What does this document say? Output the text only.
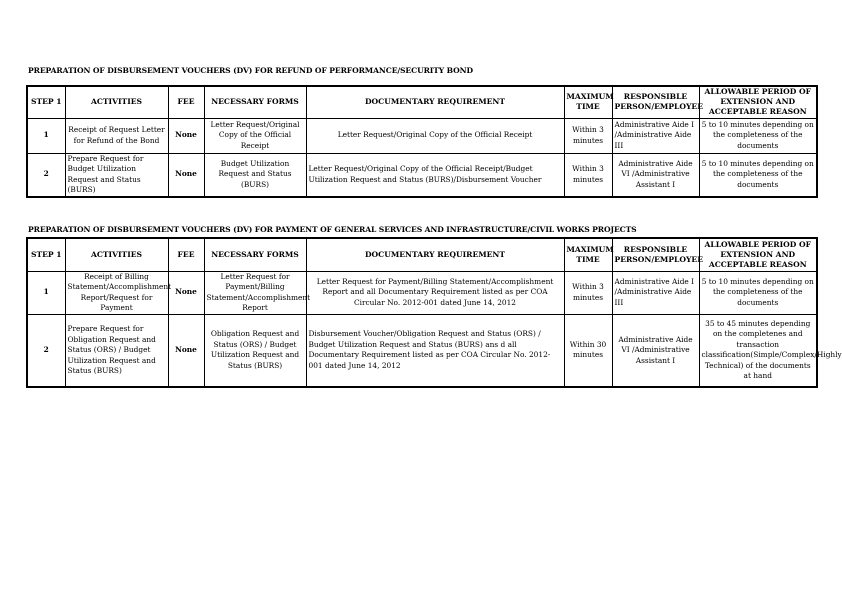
PREPARATION OF DISBURSEMENT VOUCHERS (DV) FOR REFUND OF PERFORMANCE/SECURITY BOND
STEP 1	ACTIVITIES	FEE	NECESSARY FORMS	DOCUMENTARY REQUIREMENT	MAXIMUM TIME	RESPONSIBLE PERSON/EMPLOYEE	ALLOWABLE PERIOD OF EXTENSION AND ACCEPTABLE REASON
1	Receipt of Request Letter for Refund of the Bond	None	Letter Request/Original Copy of the Official Receipt	Letter Request/Original Copy of the Official Receipt	Within 3 minutes	Administrative Aide I /Administrative Aide III	5 to 10 minutes depending on the completeness of the documents
2	Prepare Request for Budget Utilization Request and Status (BURS)	None	Budget Utilization Request and Status (BURS)	Letter Request/Original Copy of the Official Receipt/Budget Utilization Request and Status (BURS)/Disbursement Voucher	Within 3 minutes	Administrative Aide VI /Administrative Assistant I	5 to 10 minutes depending on the completeness of the documents
PREPARATION OF DISBURSEMENT VOUCHERS (DV) FOR PAYMENT OF GENERAL SERVICES AND INFRASTRUCTURE/CIVIL WORKS PROJECTS
STEP 1	ACTIVITIES	FEE	NECESSARY FORMS	DOCUMENTARY REQUIREMENT	MAXIMUM TIME	RESPONSIBLE PERSON/EMPLOYEE	ALLOWABLE PERIOD OF EXTENSION AND ACCEPTABLE REASON
1	Receipt of Billing Statement/Accomplishment Report/Request for Payment	None	Letter Request for Payment/Billing Statement/Accomplishment Report	Letter Request for Payment/Billing Statement/Accomplishment Report and all Documentary Requirement listed as per COA Circular No. 2012-001 dated June 14, 2012	Within 3 minutes	Administrative Aide I /Administrative Aide III	5 to 10 minutes depending on the completeness of the documents
2	Prepare Request for Obligation Request and Status (ORS) / Budget Utilization Request and Status (BURS)	None	Obligation Request and Status (ORS) / Budget Utilization Request and Status (BURS)	Disbursement Voucher/Obligation Request and Status (ORS) / Budget Utilization Request and Status (BURS) ans d all Documentary Requirement listed as per COA Circular No. 2012-001 dated June 14, 2012	Within 30 minutes	Administrative Aide VI /Administrative Assistant I	35 to 45 minutes depending on the completenes and transaction classification(Simple/Complex/Highly Technical) of the documents at hand
